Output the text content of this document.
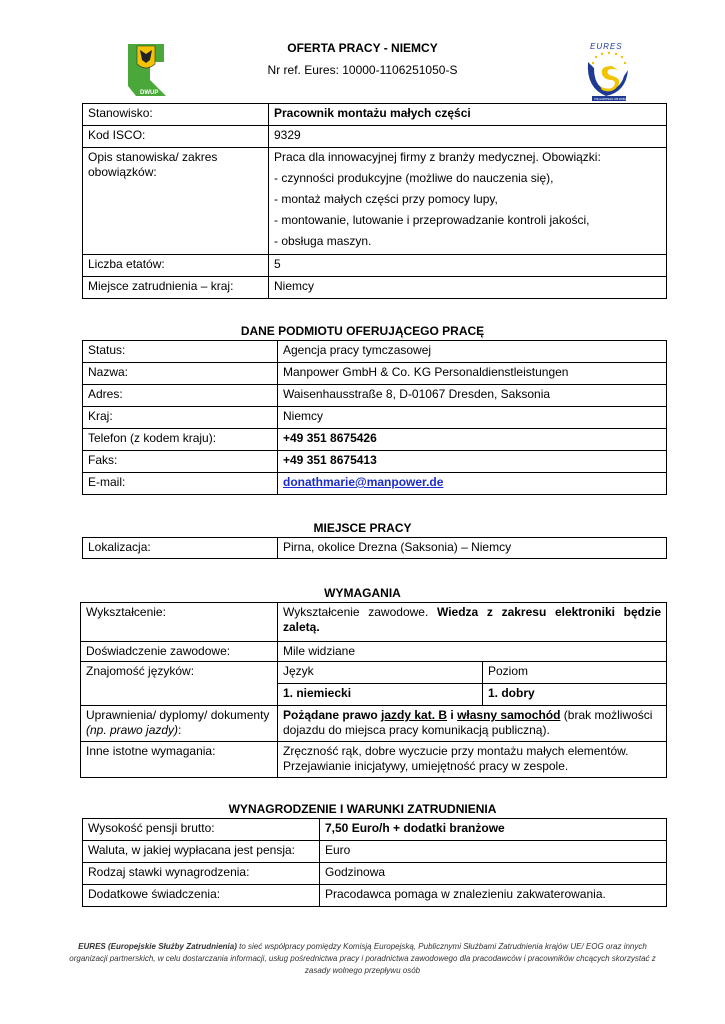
DWUP
EURES
THE EUROPEAN JOB MOBILITY PORTAL
OFERTA PRACY - NIEMCY
Nr ref. Eures: 10000-1106251050-S
Stanowisko:	Pracownik montażu małych części
Kod ISCO:	9329
Opis stanowiska/ zakres obowiązków:	Praca dla innowacyjnej firmy z branży medycznej. Obowiązki:
- czynności produkcyjne (możliwe do nauczenia się),
- montaż małych części przy pomocy lupy,
- montowanie, lutowanie i przeprowadzanie kontroli jakości,
- obsługa maszyn.

Liczba etatów:	5
Miejsce zatrudnienia – kraj:	Niemcy
DANE PODMIOTU OFERUJĄCEGO PRACĘ
Status:	Agencja pracy tymczasowej
Nazwa:	Manpower GmbH & Co. KG Personaldienstleistungen
Adres:	Waisenhausstraße 8, D-01067 Dresden, Saksonia
Kraj:	Niemcy
Telefon (z kodem kraju):	+49 351 8675426
Faks:	+49 351 8675413
E-mail:	donathmarie@manpower.de
MIEJSCE PRACY
Lokalizacja:	Pirna, okolice Drezna (Saksonia) – Niemcy
WYMAGANIA
Wykształcenie:	Wykształcenie zawodowe. Wiedza z zakresu elektroniki będzie zaletą.	
Doświadczenie zawodowe:	Mile widziane	
Znajomość języków:	Język	Poziom
	1. niemiecki	1. dobry
Uprawnienia/ dyplomy/ dokumenty (np. prawo jazdy):	Pożądane prawo jazdy kat. B i własny samochód (brak możliwości dojazdu do miejsca pracy komunikacją publiczną).	
Inne istotne wymagania:	Zręczność rąk, dobre wyczucie przy montażu małych elementów. Przejawianie inicjatywy, umiejętność pracy w zespole.	
WYNAGRODZENIE I WARUNKI ZATRUDNIENIA
Wysokość pensji brutto:	7,50 Euro/h + dodatki branżowe
Waluta, w jakiej wypłacana jest pensja:	Euro
Rodzaj stawki wynagrodzenia:	Godzinowa
Dodatkowe świadczenia:	Pracodawca pomaga w znalezieniu zakwaterowania.
EURES (Europejskie Służby Zatrudnienia) to sieć współpracy pomiędzy Komisją Europejską, Publicznymi Służbami Zatrudnienia krajów UE/ EOG oraz innych organizacji partnerskich, w celu dostarczania informacji, usług pośrednictwa pracy i poradnictwa zawodowego dla pracodawców i pracowników chcących skorzystać z zasady wolnego przepływu osób
